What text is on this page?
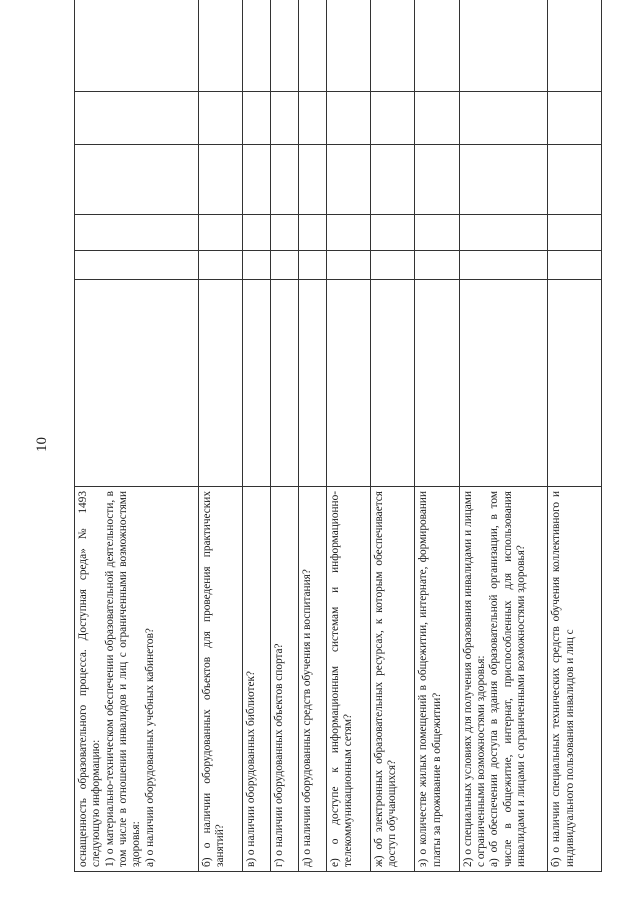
10
оснащенность образовательного процесса. Доступная среда» № 1493 следующую информацию:
1) о материально-техническом обеспечении образовательной деятельности, в том числе в отношении инвалидов и лиц с ограниченными возможностями здоровья:
а) о наличии оборудованных учебных кабинетов?						
б) о наличии оборудованных объектов для проведения практических занятий?						
в) о наличии оборудованных библиотек?						
г) о наличии оборудованных объектов спорта?						
д) о наличии оборудованных средств обучения и воспитания?						
е) о доступе к информационным системам и информационно-телекоммуникационным сетям?						
ж) об электронных образовательных ресурсах, к которым обеспечивается доступ обучающихся?						
з) о количестве жилых помещений в общежитии, интернате, формировании платы за проживание в общежитии?						
2) о специальных условиях для получения образования инвалидами и лицами с ограниченными возможностями здоровья:
а) об обеспечении доступа в здания образовательной организации, в том числе в общежитие, интернат, приспособленных для использования инвалидами и лицами с ограниченными возможностями здоровья?						
б) о наличии специальных технических средств обучения коллективного и индивидуального пользования инвалидов и лиц с						
